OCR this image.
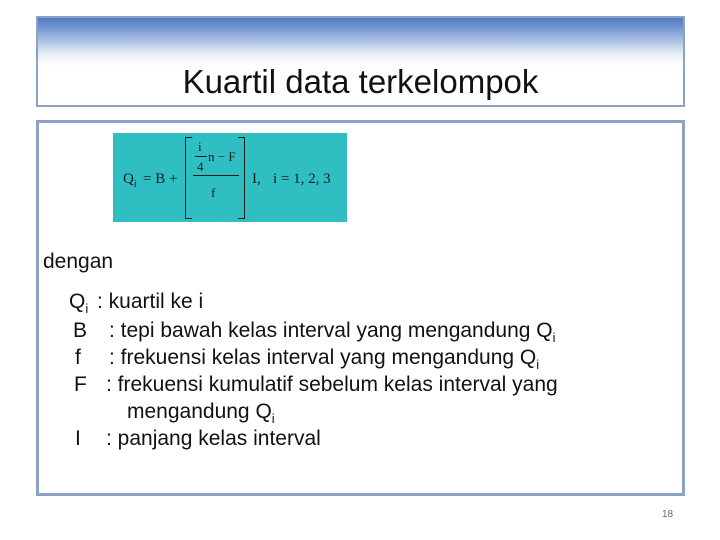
Kuartil data terkelompok
$Q_i = B$ +
i
4
n − F
f
I, i = 1, 2, 3
dengan
$Q_i$ : kuartil ke i
B : tepi bawah kelas interval yang mengandung $Q_i$
f : frekuensi kelas interval yang mengandung $Q_i$
F : frekuensi kumulatif sebelum kelas interval yang
mengandung $Q_i$
I : panjang kelas interval
18
